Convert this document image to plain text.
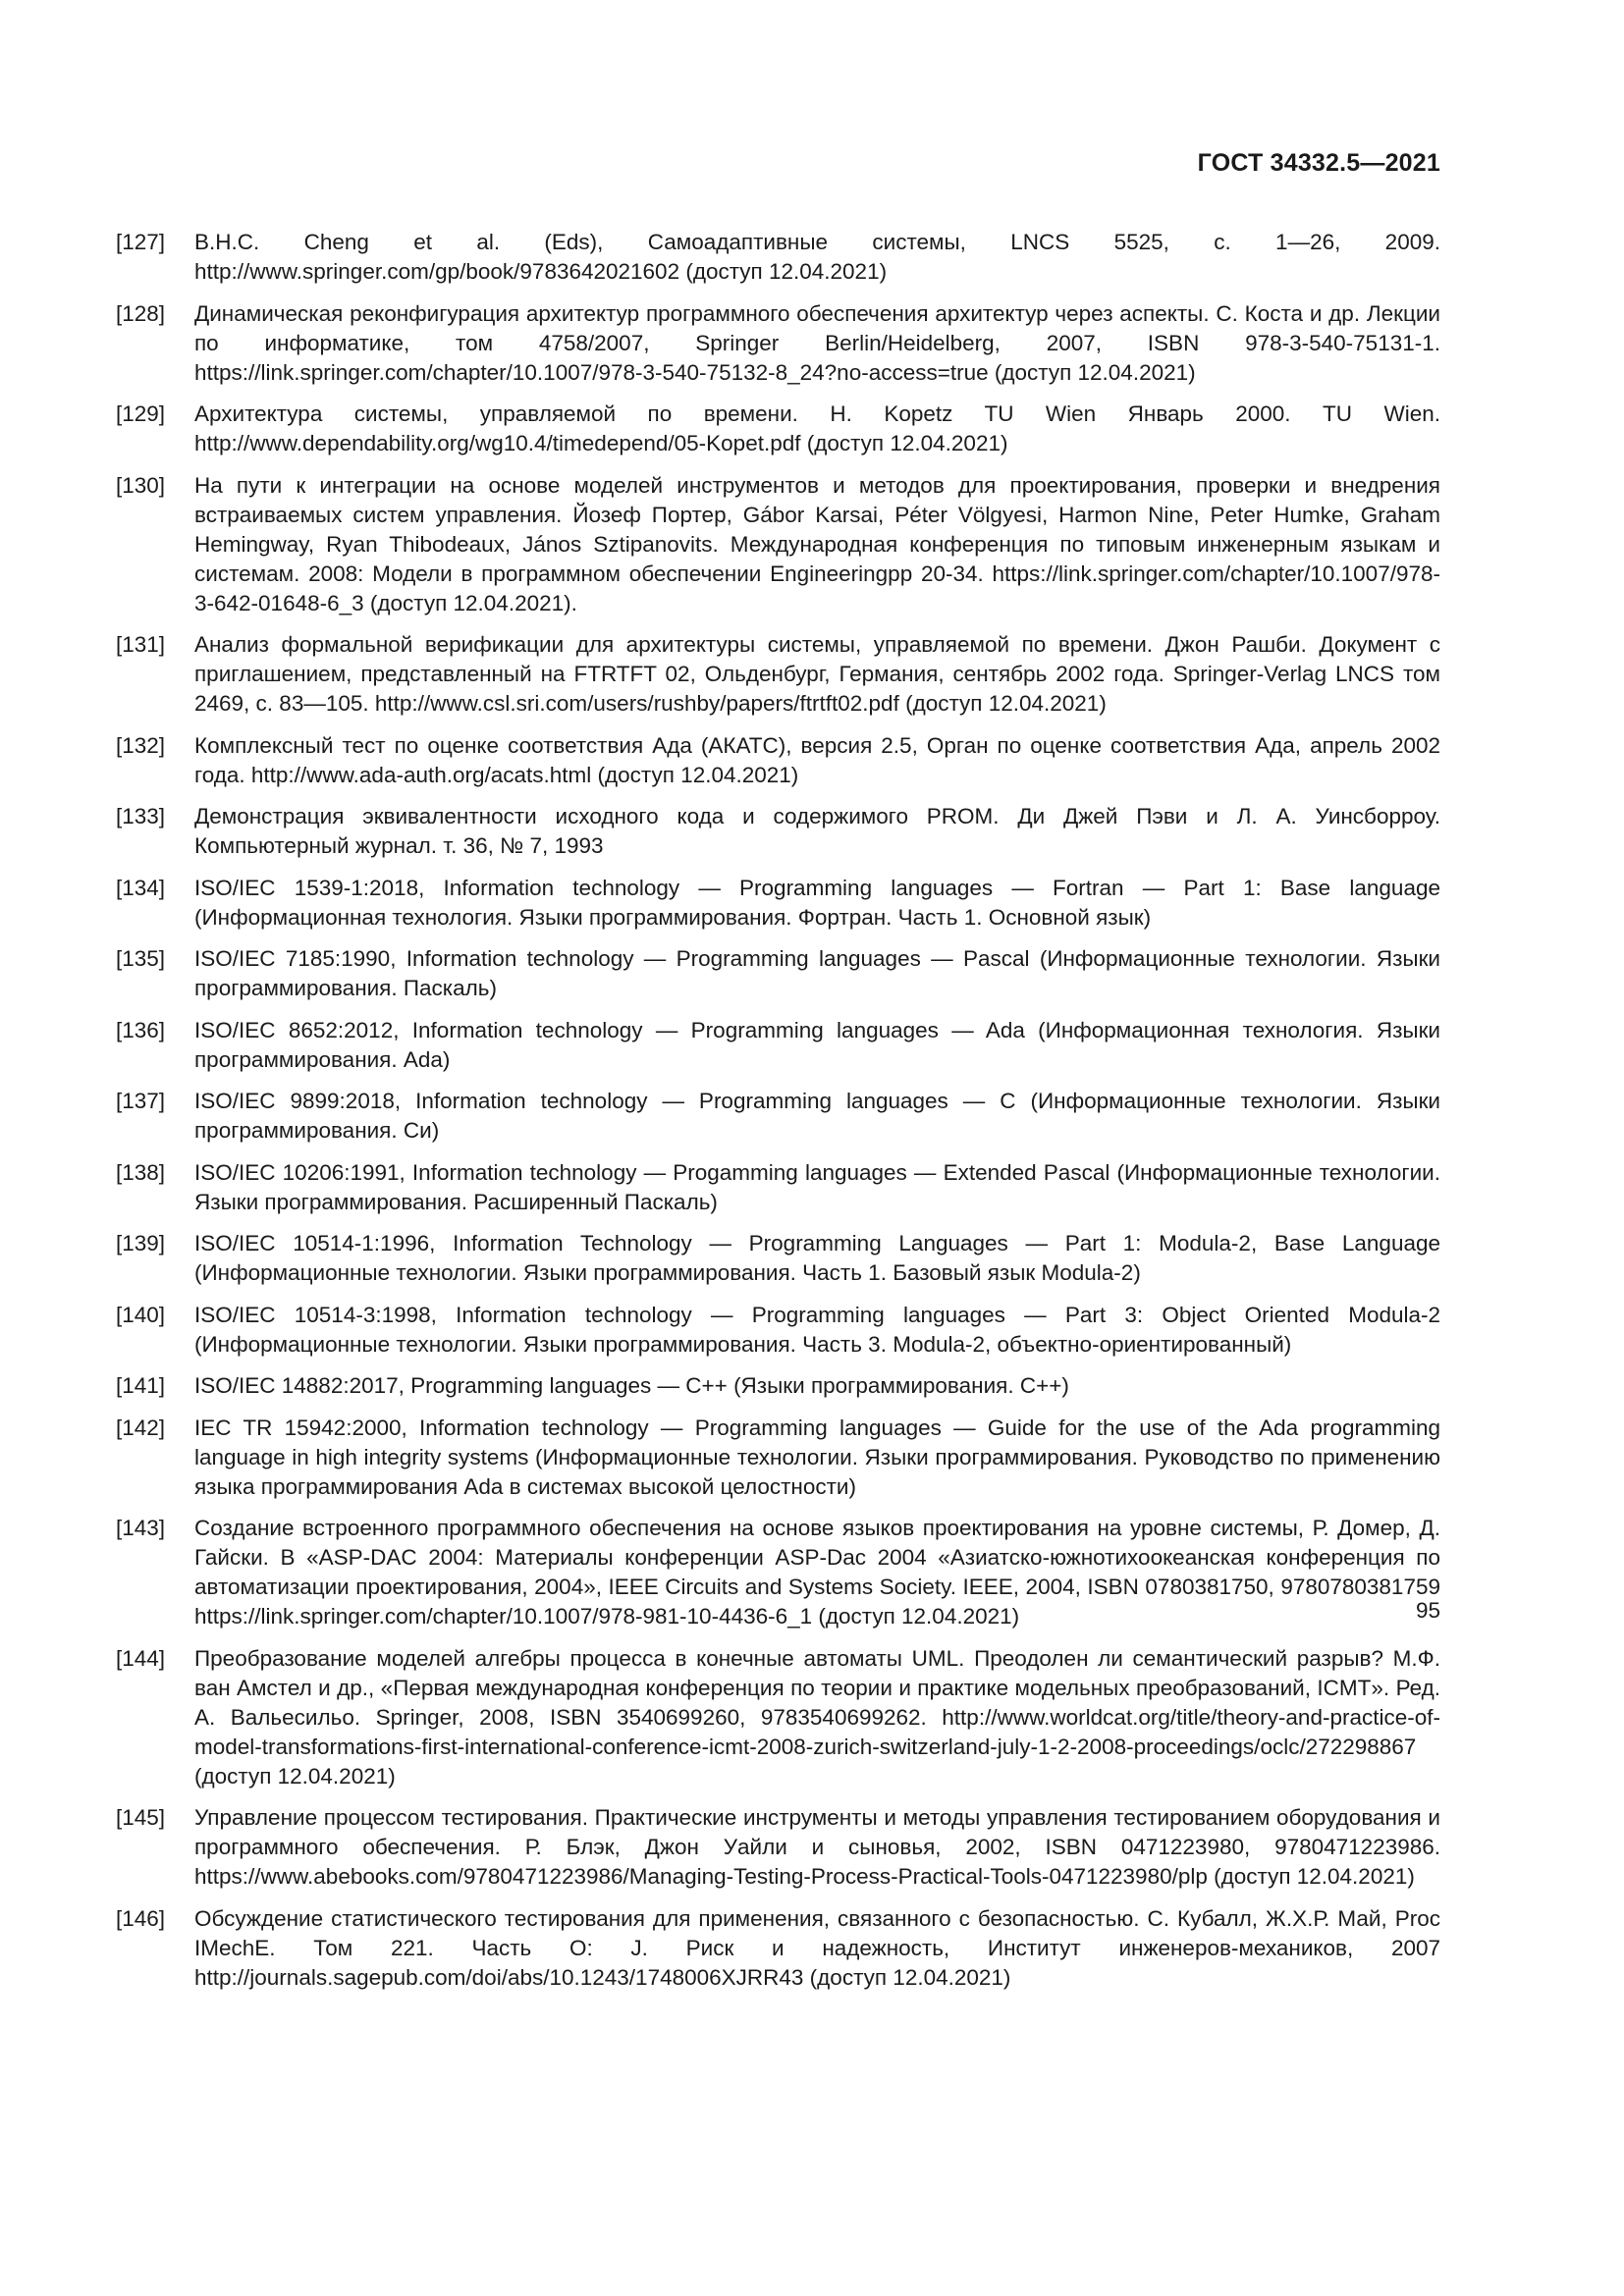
ГОСТ 34332.5—2021
[127]	B.H.C. Cheng et al. (Eds), Самоадаптивные системы, LNCS 5525, с. 1—26, 2009. http://www.springer.com/gp/book/9783642021602 (доступ 12.04.2021)
[128]	Динамическая реконфигурация архитектур программного обеспечения архитектур через аспекты. С. Коста и др. Лекции по информатике, том 4758/2007, Springer Berlin/Heidelberg, 2007, ISBN 978-3-540-75131-1. https://link.springer.com/chapter/10.1007/978-3-540-75132-8_24?no-access=true (доступ 12.04.2021)
[129]	Архитектура системы, управляемой по времени. H. Kopetz TU Wien Январь 2000. TU Wien. http://www.dependability.org/wg10.4/timedepend/05-Kopet.pdf (доступ 12.04.2021)
[130]	На пути к интеграции на основе моделей инструментов и методов для проектирования, проверки и внедрения встраиваемых систем управления. Йозеф Портер, Gábor Karsai, Péter Völgyesi, Harmon Nine, Peter Humke, Graham Hemingway, Ryan Thibodeaux, János Sztipanovits. Международная конференция по типовым инженерным языкам и системам. 2008: Модели в программном обеспечении Engineeringpp 20-34. https://link.springer.com/chapter/10.1007/978-3-642-01648-6_3 (доступ 12.04.2021).
[131]	Анализ формальной верификации для архитектуры системы, управляемой по времени. Джон Рашби. Документ с приглашением, представленный на FTRTFT 02, Ольденбург, Германия, сентябрь 2002 года. Springer-Verlag LNCS том 2469, с. 83—105. http://www.csl.sri.com/users/rushby/papers/ftrtft02.pdf (доступ 12.04.2021)
[132]	Комплексный тест по оценке соответствия Ада (АКАТС), версия 2.5, Орган по оценке соответствия Ада, апрель 2002 года. http://www.ada-auth.org/acats.html (доступ 12.04.2021)
[133]	Демонстрация эквивалентности исходного кода и содержимого PROM. Ди Джей Пэви и Л. А. Уинсборроу. Компьютерный журнал. т. 36, № 7, 1993
[134]	ISO/IEC 1539-1:2018, Information technology — Programming languages — Fortran — Part 1: Base language (Информационная технология. Языки программирования. Фортран. Часть 1. Основной язык)
[135]	ISO/IEC 7185:1990, Information technology — Programming languages — Pascal (Информационные технологии. Языки программирования. Паскаль)
[136]	ISO/IEC 8652:2012, Information technology — Programming languages — Ada (Информационная технология. Языки программирования. Ada)
[137]	ISO/IEC 9899:2018, Information technology — Programming languages — C (Информационные технологии. Языки программирования. Си)
[138]	ISO/IEC 10206:1991, Information technology — Progamming languages — Extended Pascal (Информационные технологии. Языки программирования. Расширенный Паскаль)
[139]	ISO/IEC 10514-1:1996, Information Technology — Programming Languages — Part 1: Modula-2, Base Language (Информационные технологии. Языки программирования. Часть 1. Базовый язык Modula-2)
[140]	ISO/IEC 10514-3:1998, Information technology — Programming languages — Part 3: Object Oriented Modula-2 (Информационные технологии. Языки программирования. Часть 3. Modula-2, объектно-ориентированный)
[141]	ISO/IEC 14882:2017, Programming languages — C++ (Языки программирования. С++)
[142]	IEC TR 15942:2000, Information technology — Programming languages — Guide for the use of the Ada programming language in high integrity systems (Информационные технологии. Языки программирования. Руководство по применению языка программирования Ada в системах высокой целостности)
[143]	Создание встроенного программного обеспечения на основе языков проектирования на уровне системы, Р. Домер, Д. Гайски. В «ASP-DAC 2004: Материалы конференции ASP-Dac 2004 «Азиатско-южнотихоокеанская конференция по автоматизации проектирования, 2004», IEEE Circuits and Systems Society. IEEE, 2004, ISBN 0780381750, 9780780381759 https://link.springer.com/chapter/10.1007/978-981-10-4436-6_1 (доступ 12.04.2021)
[144]	Преобразование моделей алгебры процесса в конечные автоматы UML. Преодолен ли семантический разрыв? М.Ф. ван Амстел и др., «Первая международная конференция по теории и практике модельных преобразований, ICMT». Ред. А. Вальесильо. Springer, 2008, ISBN 3540699260, 9783540699262. http://www.worldcat.org/title/theory-and-practice-of-model-transformations-first-international-conference-icmt-2008-zurich-switzerland-july-1-2-2008-proceedings/oclc/272298867 (доступ 12.04.2021)
[145]	Управление процессом тестирования. Практические инструменты и методы управления тестированием оборудования и программного обеспечения. Р. Блэк, Джон Уайли и сыновья, 2002, ISBN 0471223980, 9780471223986. https://www.abebooks.com/9780471223986/Managing-Testing-Process-Practical-Tools-0471223980/plp (доступ 12.04.2021)
[146]	Обсуждение статистического тестирования для применения, связанного с безопасностью. С. Кубалл, Ж.Х.Р. Май, Proc IMechE. Том 221. Часть О: J. Риск и надежность, Институт инженеров-механиков, 2007 http://journals.sagepub.com/doi/abs/10.1243/1748006XJRR43 (доступ 12.04.2021)
95
